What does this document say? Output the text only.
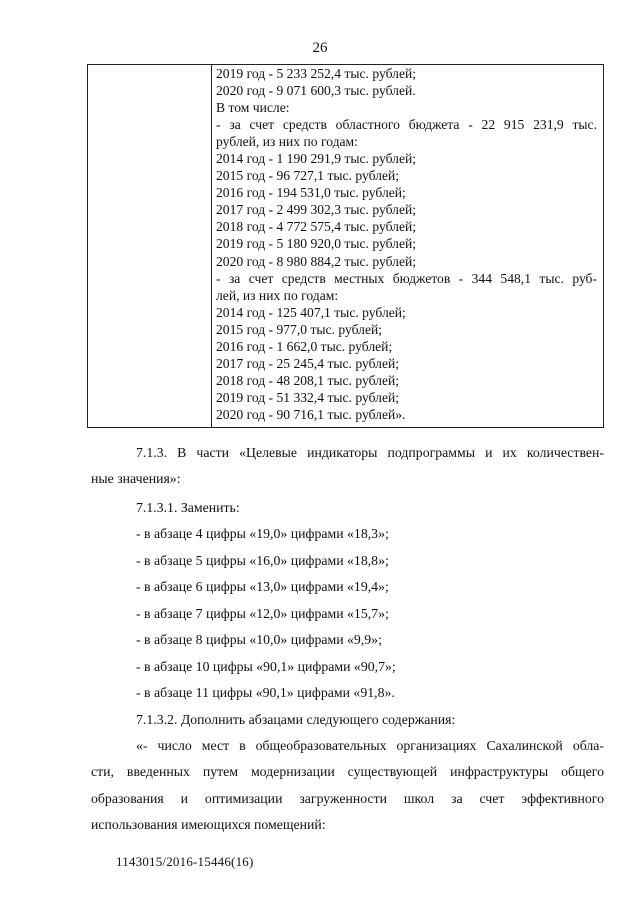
26
2019 год - 5 233 252,4 тыс. рублей;
2020 год - 9 071 600,3 тыс. рублей.
В том числе:
- за счет средств областного бюджета - 22 915 231,9 тыс.
рублей, из них по годам:
2014 год - 1 190 291,9 тыс. рублей;
2015 год - 96 727,1 тыс. рублей;
2016 год - 194 531,0 тыс. рублей;
2017 год - 2 499 302,3 тыс. рублей;
2018 год - 4 772 575,4 тыс. рублей;
2019 год - 5 180 920,0 тыс. рублей;
2020 год - 8 980 884,2 тыс. рублей;
- за счет средств местных бюджетов - 344 548,1 тыс. руб-
лей, из них по годам:
2014 год - 125 407,1 тыс. рублей;
2015 год - 977,0 тыс. рублей;
2016 год - 1 662,0 тыс. рублей;
2017 год - 25 245,4 тыс. рублей;
2018 год - 48 208,1 тыс. рублей;
2019 год - 51 332,4 тыс. рублей;
2020 год - 90 716,1 тыс. рублей».
7.1.3. В части «Целевые индикаторы подпрограммы и их количествен-
ные значения»:
7.1.3.1. Заменить:
- в абзаце 4 цифры «19,0» цифрами «18,3»;
- в абзаце 5 цифры «16,0» цифрами «18,8»;
- в абзаце 6 цифры «13,0» цифрами «19,4»;
- в абзаце 7 цифры «12,0» цифрами «15,7»;
- в абзаце 8 цифры «10,0» цифрами «9,9»;
- в абзаце 10 цифры «90,1» цифрами «90,7»;
- в абзаце 11 цифры «90,1» цифрами «91,8».
7.1.3.2. Дополнить абзацами следующего содержания:
«- число мест в общеобразовательных организациях Сахалинской обла-
сти, введенных путем модернизации существующей инфраструктуры общего
образования и оптимизации загруженности школ за счет эффективного
использования имеющихся помещений:
1143015/2016-15446(16)
